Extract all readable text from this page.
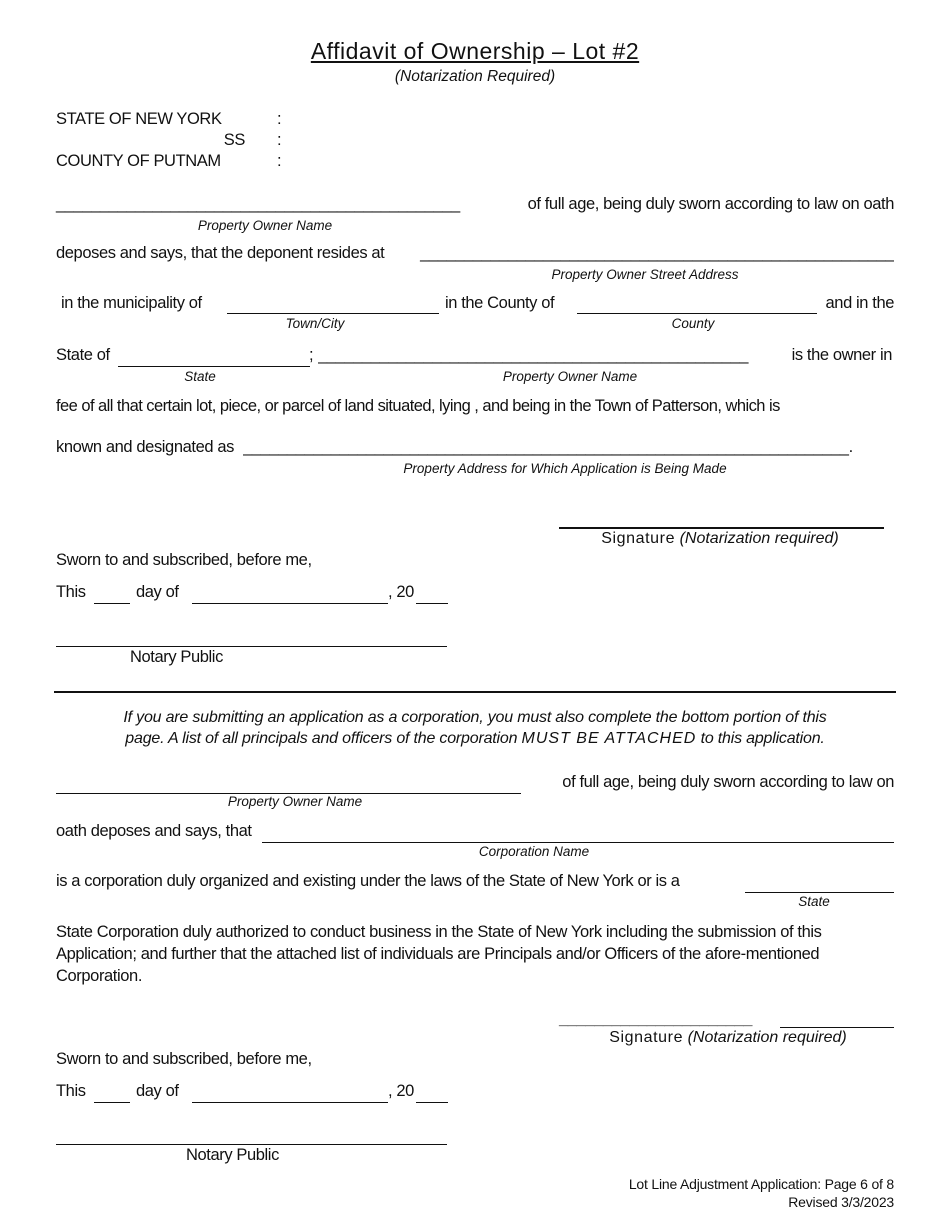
Affidavit of Ownership – Lot #2
(Notarization Required)
STATE OF NEW YORK	:
SS :
COUNTY OF PUTNAM	:
______________________________________________	of full age, being duly sworn according to law on oath
Property Owner Name
deposes and says, that the deponent resides at	______________________________________________________
Property Owner Street Address
in the municipality of	in the County of	and in the
Town/City	County
State of	; _________________________________________________	is the owner in
State	Property Owner Name
fee of all that certain lot, piece, or parcel of land situated, lying , and being in the Town of Patterson, which is
known and designated as _____________________________________________________________________.
Property Address for Which Application is Being Made
Signature (Notarization required)
Sworn to and subscribed, before me,
This	day of	, 20
Notary Public
If you are submitting an application as a corporation, you must also complete the bottom portion of this
page. A list of all principals and officers of the corporation MUST BE ATTACHED to this application.
of full age, being duly sworn according to law on
Property Owner Name
oath deposes and says, that
Corporation Name
is a corporation duly organized and existing under the laws of the State of New York or is a
State
State Corporation duly authorized to conduct business in the State of New York including the submission of this Application; and further that the attached list of individuals are Principals and/or Officers of the afore-mentioned Corporation.
______________________
Signature (Notarization required)
Sworn to and subscribed, before me,
This	day of	, 20
Notary Public
Lot Line Adjustment Application: Page 6 of 8
Revised 3/3/2023
